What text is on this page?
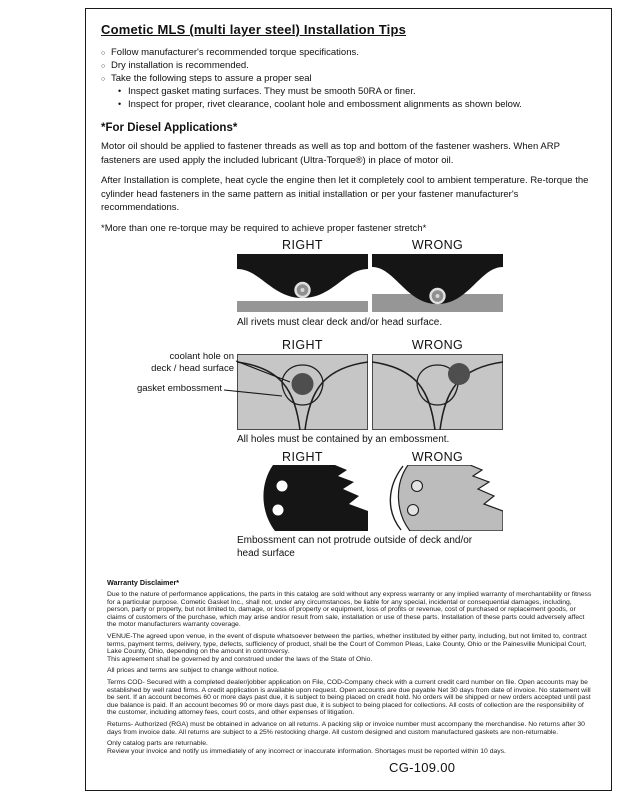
Cometic MLS (multi layer steel) Installation Tips
○ Follow manufacturer's recommended torque specifications.
○ Dry installation is recommended.
○ Take the following steps to assure a proper seal
• Inspect gasket mating surfaces. They must be smooth 50RA or finer.
• Inspect for proper, rivet clearance, coolant hole and embossment alignments as shown below.
*For Diesel Applications*

Motor oil should be applied to fastener threads as well as top and bottom of the fastener washers. When ARP fasteners are used apply the included lubricant (Ultra-Torque®) in place of motor oil.

After Installation is complete, heat cycle the engine then let it completely cool to ambient temperature. Re-torque the cylinder head fasteners in the same pattern as initial installation or per your fastener manufacturer's recommendations.

*More than one re-torque may be required to achieve proper fastener stretch*

RIGHT	WRONG
All rivets must clear deck and/or head surface.
RIGHT	WRONG
coolant hole on
deck / head surface
gasket embossment
All holes must be contained by an embossment.
RIGHT	WRONG
Embossment can not protrude outside of deck and/or head surface
Warranty Disclaimer*

Due to the nature of performance applications, the parts in this catalog are sold without any express warranty or any implied warranty of merchantability or fitness for a particular purpose. Cometic Gasket Inc., shall not, under any circumstances, be liable for any special, incidental or consequential damages, including, person, party or property, but not limited to, damage, or loss of property or equipment, loss of profits or revenue, cost of purchased or replacement goods, or claims of customers of the purchase, which may arise and/or result from sale, installation or use of these parts. Installation of these parts could adversely affect the motor manufacturers warranty coverage.

VENUE-The agreed upon venue, in the event of dispute whatsoever between the parties, whether instituted by either party, including, but not limited to, contract terms, payment terms, delivery, type, defects, sufficiency of product, shall be the Court of Common Pleas, Lake County, Ohio or the Painesville Municipal Court, Lake County, Ohio, depending on the amount in controversy.

This agreement shall be governed by and construed under the laws of the State of Ohio.

All prices and terms are subject to change without notice.

Terms COD- Secured with a completed dealer/jobber application on File, COD-Company check with a current credit card number on file. Open accounts may be established by well rated firms. A credit application is available upon request. Open accounts are due payable Net 30 days from date of invoice. No statement will be sent. If an account becomes 60 or more days past due, it is subject to being placed on credit hold. No orders will be shipped or new orders accepted until past due balance is paid. If an account becomes 90 or more days past due, it is subject to being placed for collections. All costs of collection are the responsibility of the customer, including attorney fees, court costs, and other expenses of litigation.

Returns- Authorized (RGA) must be obtained in advance on all returns. A packing slip or invoice number must accompany the merchandise. No returns after 30 days from invoice date. All returns are subject to a 25% restocking charge. All custom designed and custom manufactured gaskets are non-returnable.

Only catalog parts are returnable.

Review your invoice and notify us immediately of any incorrect or inaccurate information. Shortages must be reported within 10 days.

CG-109.00
